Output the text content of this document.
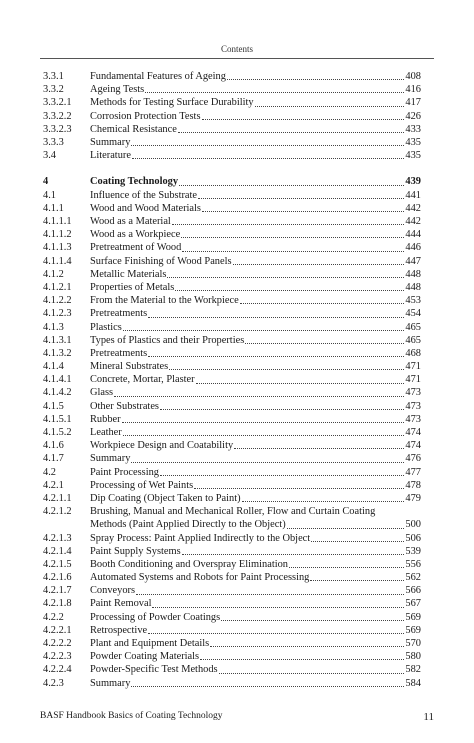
Contents
3.3.1	Fundamental Features of Ageing	408
3.3.2	Ageing Tests	416
3.3.2.1	Methods for Testing Surface Durability	417
3.3.2.2	Corrosion Protection Tests	426
3.3.2.3	Chemical Resistance	433
3.3.3	Summary	435
3.4	Literature	435
4	Coating Technology	439
4.1	Influence of the Substrate	441
4.1.1	Wood and Wood Materials	442
4.1.1.1	Wood as a Material	442
4.1.1.2	Wood as a Workpiece	444
4.1.1.3	Pretreatment of Wood	446
4.1.1.4	Surface Finishing of Wood Panels	447
4.1.2	Metallic Materials	448
4.1.2.1	Properties of Metals	448
4.1.2.2	From the Material to the Workpiece	453
4.1.2.3	Pretreatments	454
4.1.3	Plastics	465
4.1.3.1	Types of Plastics and their Properties	465
4.1.3.2	Pretreatments	468
4.1.4	Mineral Substrates	471
4.1.4.1	Concrete, Mortar, Plaster	471
4.1.4.2	Glass	473
4.1.5	Other Substrates	473
4.1.5.1	Rubber	473
4.1.5.2	Leather	474
4.1.6	Workpiece Design and Coatability	474
4.1.7	Summary	476
4.2	Paint Processing	477
4.2.1	Processing of Wet Paints	478
4.2.1.1	Dip Coating (Object Taken to Paint)	479
4.2.1.2	Brushing, Manual and Mechanical Roller, Flow and Curtain Coating
Methods (Paint Applied Directly to the Object)	500
4.2.1.3	Spray Process: Paint Applied Indirectly to the Object	506
4.2.1.4	Paint Supply Systems	539
4.2.1.5	Booth Conditioning and Overspray Elimination	556
4.2.1.6	Automated Systems and Robots for Paint Processing	562
4.2.1.7	Conveyors	566
4.2.1.8	Paint Removal	567
4.2.2	Processing of Powder Coatings	569
4.2.2.1	Retrospective	569
4.2.2.2	Plant and Equipment Details	570
4.2.2.3	Powder Coating Materials	580
4.2.2.4	Powder-Specific Test Methods	582
4.2.3	Summary	584
BASF Handbook Basics of Coating Technology	11
